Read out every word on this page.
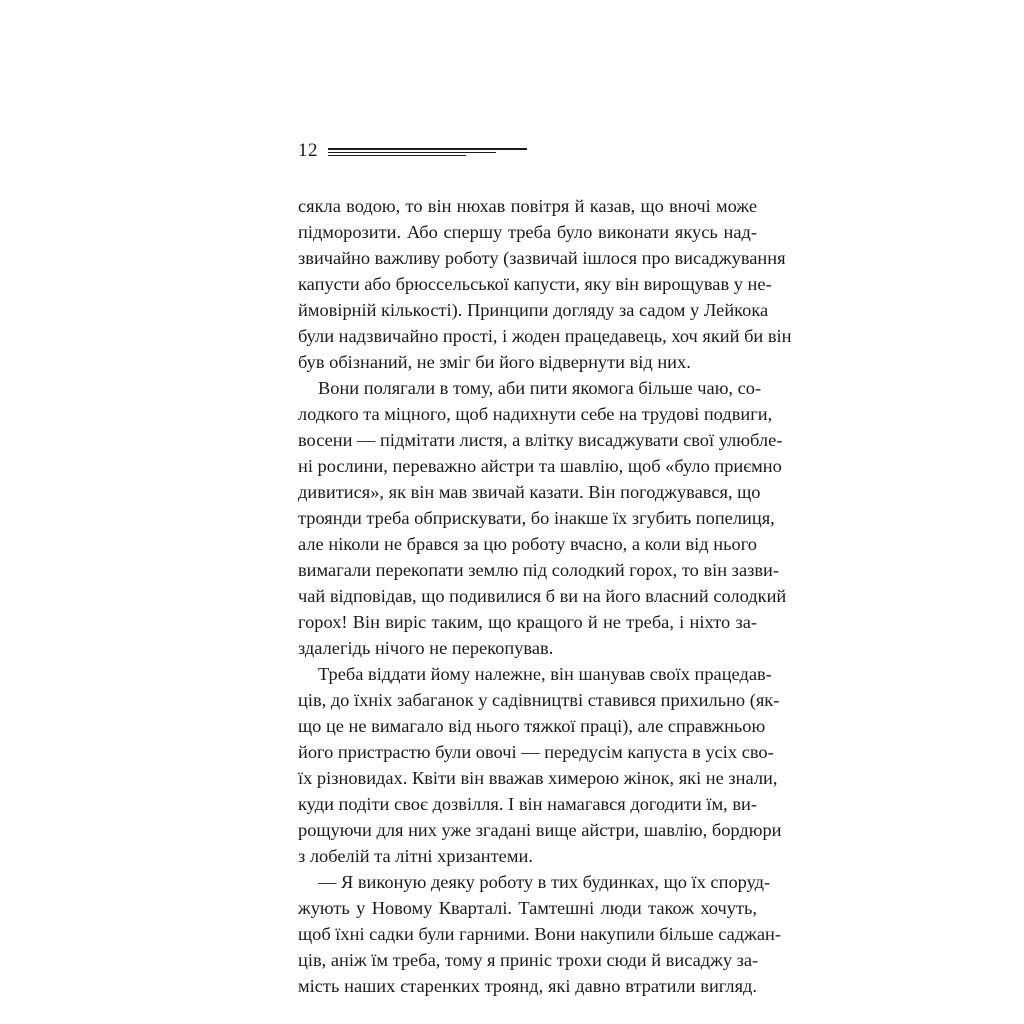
12
сякла водою, то він нюхав повітря й казав, що вночі може
підморозити. Або спершу треба було виконати якусь над-
звичайно важливу роботу (зазвичай ішлося про висаджування
капусти або брюссельської капусти, яку він вирощував у не-
ймовірній кількості). Принципи догляду за садом у Лейкока
були надзвичайно прості, і жоден працедавець, хоч який би він
був обізнаний, не зміг би його відвернути від них.
Вони полягали в тому, аби пити якомога більше чаю, со-
лодкого та міцного, щоб надихнути себе на трудові подвиги,
восени — підмітати листя, а влітку висаджувати свої улюбле-
ні рослини, переважно айстри та шавлію, щоб «було приємно
дивитися», як він мав звичай казати. Він погоджувався, що
троянди треба обприскувати, бо інакше їх згубить попелиця,
але ніколи не брався за цю роботу вчасно, а коли від нього
вимагали перекопати землю під солодкий горох, то він зазви-
чай відповідав, що подивилися б ви на його власний солодкий
горох! Він виріс таким, що кращого й не треба, і ніхто за-
здалегідь нічого не перекопував.
Треба віддати йому належне, він шанував своїх працедав-
ців, до їхніх забаганок у садівництві ставився прихильно (як-
що це не вимагало від нього тяжкої праці), але справжньою
його пристрастю були овочі — передусім капуста в усіх сво-
їх різновидах. Квіти він вважав химерою жінок, які не знали,
куди подіти своє дозвілля. І він намагався догодити їм, ви-
рощуючи для них уже згадані вище айстри, шавлію, бордюри
з лобелій та літні хризантеми.
— Я виконую деяку роботу в тих будинках, що їх споруд-
жують у Новому Кварталі. Тамтешні люди також хочуть,
щоб їхні садки були гарними. Вони накупили більше саджан-
ців, аніж їм треба, тому я приніс трохи сюди й висаджу за-
мість наших старенких троянд, які давно втратили вигляд.
